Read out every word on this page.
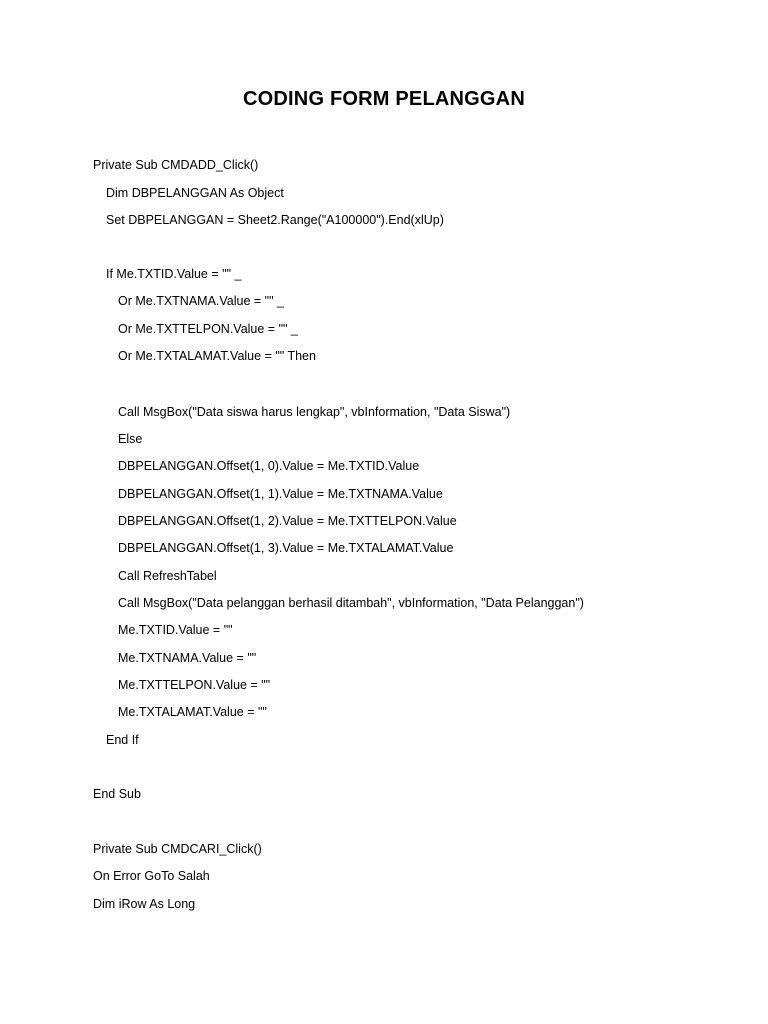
CODING FORM PELANGGAN
Private Sub CMDADD_Click()
Dim DBPELANGGAN As Object
Set DBPELANGGAN = Sheet2.Range("A100000").End(xlUp)
If Me.TXTID.Value = "" _
Or Me.TXTNAMA.Value = "" _
Or Me.TXTTELPON.Value = "" _
Or Me.TXTALAMAT.Value = "" Then
Call MsgBox("Data siswa harus lengkap", vbInformation, "Data Siswa")
Else
DBPELANGGAN.Offset(1, 0).Value = Me.TXTID.Value
DBPELANGGAN.Offset(1, 1).Value = Me.TXTNAMA.Value
DBPELANGGAN.Offset(1, 2).Value = Me.TXTTELPON.Value
DBPELANGGAN.Offset(1, 3).Value = Me.TXTALAMAT.Value
Call RefreshTabel
Call MsgBox("Data pelanggan berhasil ditambah", vbInformation, "Data Pelanggan")
Me.TXTID.Value = ""
Me.TXTNAMA.Value = ""
Me.TXTTELPON.Value = ""
Me.TXTALAMAT.Value = ""
End If
End Sub
Private Sub CMDCARI_Click()
On Error GoTo Salah
Dim iRow As Long
